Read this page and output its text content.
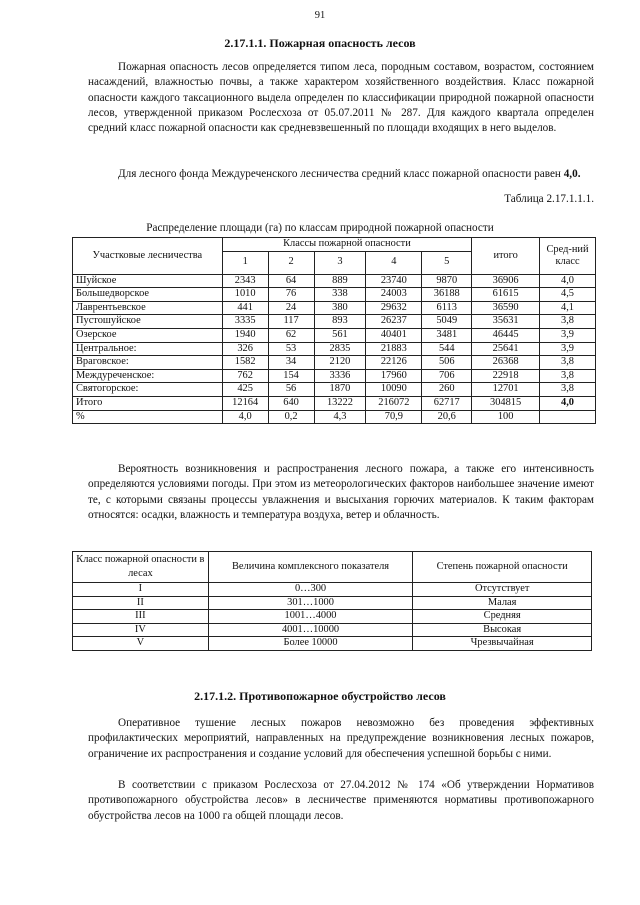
91
2.17.1.1. Пожарная опасность лесов

Пожарная опасность лесов определяется типом леса, породным составом, возрастом, состоянием насаждений, влажностью почвы, а также характером хозяйственного воздействия. Класс пожарной опасности каждого таксационного выдела определен по классификации природной пожарной опасности лесов, утвержденной приказом Рослесхоза от 05.07.2011 № 287. Для каждого квартала определен средний класс пожарной опасности как средневзвешенный по площади входящих в него выделов.

Для лесного фонда Междуреченского лесничества средний класс пожарной опасности равен 4,0.

Таблица 2.17.1.1.1.
Распределение площади (га) по классам природной пожарной опасности
Участковые лесничества	Классы пожарной опасности					итого	Сред-ний класс
	1	2	3	4	5		
Шуйское	2343	64	889	23740	9870	36906	4,0
Большедворское	1010	76	338	24003	36188	61615	4,5
Лаврентьевское	441	24	380	29632	6113	36590	4,1
Пустошуйское	3335	117	893	26237	5049	35631	3,8
Озерское	1940	62	561	40401	3481	46445	3,9
Центральное:	326	53	2835	21883	544	25641	3,9
Враговское:	1582	34	2120	22126	506	26368	3,8
Междуреченское:	762	154	3336	17960	706	22918	3,8
Святогорское:	425	56	1870	10090	260	12701	3,8
Итого	12164	640	13222	216072	62717	304815	4,0
%	4,0	0,2	4,3	70,9	20,6	100	

Вероятность возникновения и распространения лесного пожара, а также его интенсивность определяются условиями погоды. При этом из метеорологических факторов наибольшее значение имеют те, с которыми связаны процессы увлажнения и высыхания горючих материалов. К таким факторам относятся: осадки, влажность и температура воздуха, ветер и облачность.

Класс пожарной опасности в лесах	Величина комплексного показателя	Степень пожарной опасности
I	0…300	Отсутствует
II	301…1000	Малая
III	1001…4000	Средняя
IV	4001…10000	Высокая
V	Более 10000	Чрезвычайная
2.17.1.2. Противопожарное обустройство лесов

Оперативное тушение лесных пожаров невозможно без проведения эффективных профилактических мероприятий, направленных на предупреждение возникновения лесных пожаров, ограничение их распространения и создание условий для обеспечения успешной борьбы с ними.

В соответствии с приказом Рослесхоза от 27.04.2012 № 174 «Об утверждении Нормативов противопожарного обустройства лесов» в лесничестве применяются нормативы противопожарного обустройства лесов на 1000 га общей площади лесов.
